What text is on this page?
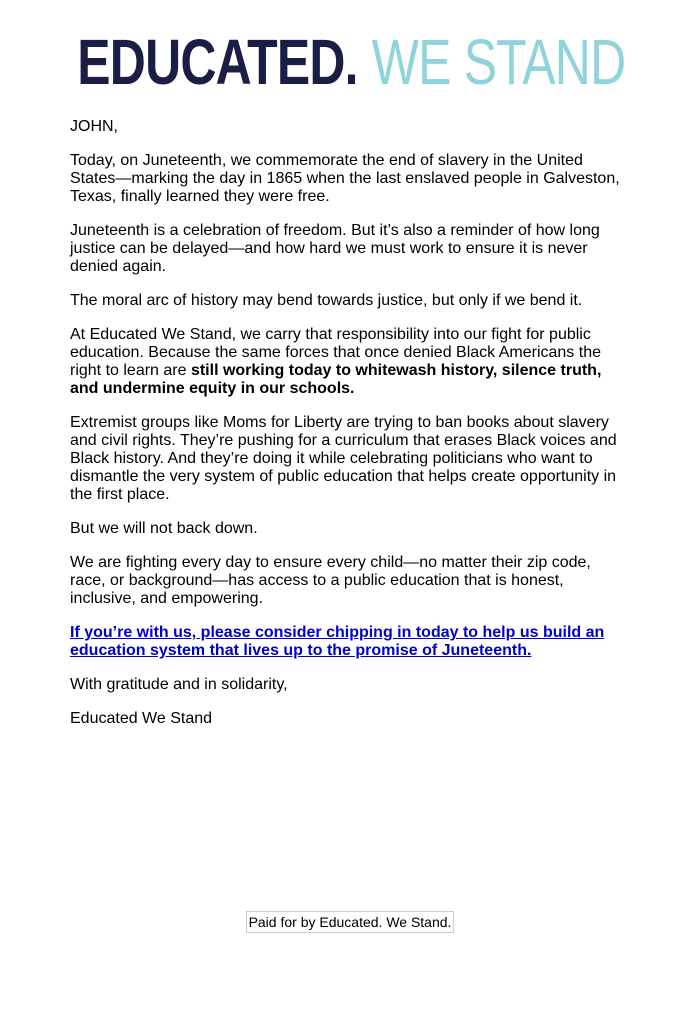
EDUCATED. WE STAND

JOHN,

Today, on Juneteenth, we commemorate the end of slavery in the United States—marking the day in 1865 when the last enslaved people in Galveston, Texas, finally learned they were free.

Juneteenth is a celebration of freedom. But it’s also a reminder of how long justice can be delayed—and how hard we must work to ensure it is never denied again.

The moral arc of history may bend towards justice, but only if we bend it.

At Educated We Stand, we carry that responsibility into our fight for public education. Because the same forces that once denied Black Americans the right to learn are still working today to whitewash history, silence truth, and undermine equity in our schools.

Extremist groups like Moms for Liberty are trying to ban books about slavery and civil rights. They’re pushing for a curriculum that erases Black voices and Black history. And they’re doing it while celebrating politicians who want to dismantle the very system of public education that helps create opportunity in the first place.

But we will not back down.

We are fighting every day to ensure every child—no matter their zip code, race, or background—has access to a public education that is honest, inclusive, and empowering.

If you’re with us, please consider chipping in today to help us build an education system that lives up to the promise of Juneteenth.

With gratitude and in solidarity,

Educated We Stand

Paid for by Educated. We Stand.
